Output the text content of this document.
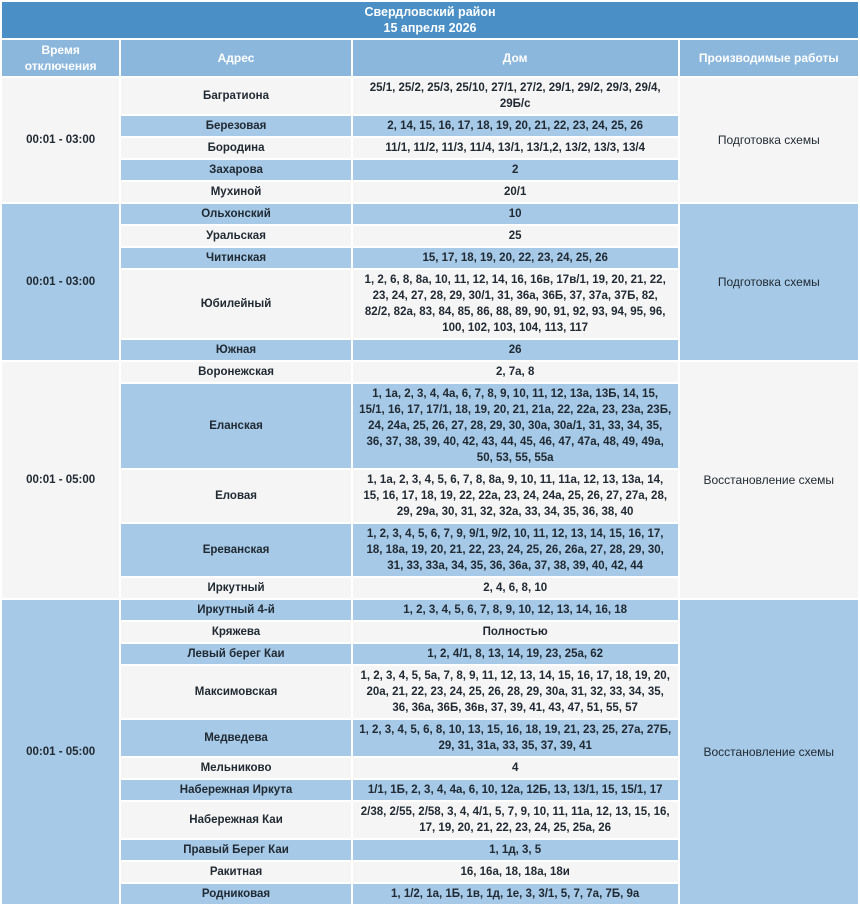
Свердловский район
15 апреля 2026			

Время отключения	Адрес	Дом	Производимые работы
00:01 - 03:00	Багратиона	25/1, 25/2, 25/3, 25/10, 27/1, 27/2, 29/1, 29/2, 29/3, 29/4, 29Б/с	Подготовка схемы
	Березовая	2, 14, 15, 16, 17, 18, 19, 20, 21, 22, 23, 24, 25, 26	
	Бородина	11/1, 11/2, 11/3, 11/4, 13/1, 13/1,2, 13/2, 13/3, 13/4	
	Захарова	2	
	Мухиной	20/1	
00:01 - 03:00	Ольхонский	10	Подготовка схемы
	Уральская	25	
	Читинская	15, 17, 18, 19, 20, 22, 23, 24, 25, 26	
	Юбилейный	1, 2, 6, 8, 8а, 10, 11, 12, 14, 16, 16в, 17в/1, 19, 20, 21, 22, 23, 24, 27, 28, 29, 30/1, 31, 36а, 36Б, 37, 37а, 37Б, 82, 82/2, 82а, 83, 84, 85, 86, 88, 89, 90, 91, 92, 93, 94, 95, 96, 100, 102, 103, 104, 113, 117	
	Южная	26	
00:01 - 05:00	Воронежская	2, 7а, 8	Восстановление схемы
	Еланская	1, 1а, 2, 3, 4, 4а, 6, 7, 8, 9, 10, 11, 12, 13а, 13Б, 14, 15, 15/1, 16, 17, 17/1, 18, 19, 20, 21, 21а, 22, 22а, 23, 23а, 23Б, 24, 24а, 25, 26, 27, 28, 29, 30, 30а, 30а/1, 31, 33, 34, 35, 36, 37, 38, 39, 40, 42, 43, 44, 45, 46, 47, 47а, 48, 49, 49а, 50, 53, 55, 55а	
	Еловая	1, 1а, 2, 3, 4, 5, 6, 7, 8, 8а, 9, 10, 11, 11а, 12, 13, 13а, 14, 15, 16, 17, 18, 19, 22, 22а, 23, 24, 24а, 25, 26, 27, 27а, 28, 29, 29а, 30, 31, 32, 32а, 33, 34, 35, 36, 38, 40	
	Ереванская	1, 2, 3, 4, 5, 6, 7, 9, 9/1, 9/2, 10, 11, 12, 13, 14, 15, 16, 17, 18, 18а, 19, 20, 21, 22, 23, 24, 25, 26, 26а, 27, 28, 29, 30, 31, 33, 33а, 34, 35, 36, 36а, 37, 38, 39, 40, 42, 44	
	Иркутный	2, 4, 6, 8, 10	
00:01 - 05:00	Иркутный 4-й	1, 2, 3, 4, 5, 6, 7, 8, 9, 10, 12, 13, 14, 16, 18	Восстановление схемы
	Кряжева	Полностью	
	Левый берег Каи	1, 2, 4/1, 8, 13, 14, 19, 23, 25а, 62	
	Максимовская	1, 2, 3, 4, 5, 5а, 7, 8, 9, 11, 12, 13, 14, 15, 16, 17, 18, 19, 20, 20а, 21, 22, 23, 24, 25, 26, 28, 29, 30а, 31, 32, 33, 34, 35, 36, 36а, 36Б, 36в, 37, 39, 41, 43, 47, 51, 55, 57	
	Медведева	1, 2, 3, 4, 5, 6, 8, 10, 13, 15, 16, 18, 19, 21, 23, 25, 27а, 27Б, 29, 31, 31а, 33, 35, 37, 39, 41	
	Мельниково	4	
	Набережная Иркута	1/1, 1Б, 2, 3, 4, 4а, 6, 10, 12а, 12Б, 13, 13/1, 15, 15/1, 17	
	Набережная Каи	2/38, 2/55, 2/58, 3, 4, 4/1, 5, 7, 9, 10, 11, 11а, 12, 13, 15, 16, 17, 19, 20, 21, 22, 23, 24, 25, 25а, 26	
	Правый Берег Каи	1, 1д, 3, 5	
	Ракитная	16, 16а, 18, 18а, 18и	
	Родниковая	1, 1/2, 1а, 1Б, 1в, 1д, 1е, 3, 3/1, 5, 7, 7а, 7Б, 9а	
